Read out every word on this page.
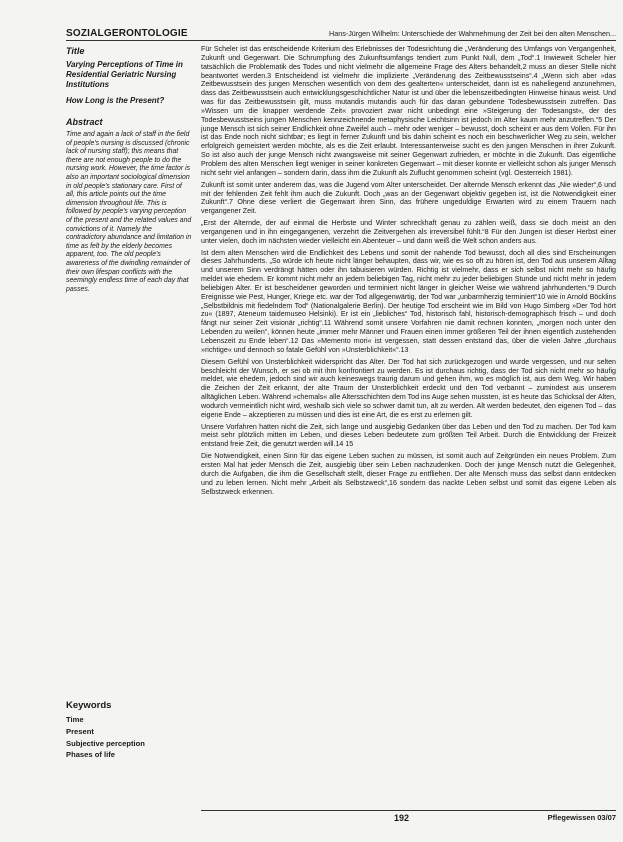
SOZIALGERONTOLOGIE	Hans-Jürgen Wilhelm: Unterschiede der Wahrnehmung der Zeit bei den alten Menschen...
Title
Varying Perceptions of Time in Residential Geriatric Nursing Institutions
How Long is the Present?
Abstract
Time and again a lack of staff in the field of people's nursing is discussed (chronic lack of nursing staff); this means that there are not enough people to do the nursing work. However, the time factor is also an important sociological dimension in old people's stationary care. First of all, this article points out the time dimension throughout life. This is followed by people's varying perception of the present and the related values and convictions of it. Namely the contradictory abundance and limitation in time as felt by the elderly becomes apparent, too. The old people's awareness of the dwindling remainder of their own lifespan conflicts with the seemingly endless time of each day that passes.
Keywords
Time
Present
Subjective perception
Phases of life

Für Scheler ist das entscheidende Kriterium des Erlebnisses der Todesrichtung die „Veränderung des Umfangs von Vergangenheit, Zukunft und Gegenwart. Die Schrumpfung des Zukunftsumfangs tendiert zum Punkt Null, dem „Tod“.1 Inwieweit Scheler hier tatsächlich die Problematik des Todes und nicht vielmehr die allgemeine Frage des Alters behandelt,2 muss an dieser Stelle nicht beantwortet werden.3 Entscheidend ist vielmehr die implizierte „Veränderung des Zeitbewusstseins“.4 „Wenn sich aber »das Zeitbewusstsein des jungen Menschen wesentlich von dem des gealterten« unterscheidet, dann ist es naheliegend anzunehmen, dass das Zeitbewusstsein auch entwicklungsgeschichtlicher Natur ist und über die lebenszeitbedingten Hinweise hinaus weist. Und was für das Zeitbewusstsein gilt, muss mutandis mutandis auch für das daran gebundene Todesbewusstsein zutreffen. Das »Wissen um die knapper werdende Zeit« provoziert zwar nicht unbedingt eine »Steigerung der Todesangst«, der des Todesbewusstseins jungen Menschen kennzeichnende metaphysische Leichtsinn ist jedoch im Alter kaum mehr anzutreffen.“5 Der junge Mensch ist sich seiner Endlichkeit ohne Zweifel auch – mehr oder weniger – bewusst, doch scheint er aus dem Vollen. Für ihn ist das Ende noch nicht sichtbar; es liegt in ferner Zukunft und bis dahin scheint es noch ein beschwerlicher Weg zu sein, welcher erfolgreich gemeistert werden möchte, als es die Zeit erlaubt. Interessanterweise sucht es den jungen Menschen in ihrer Zukunft. So ist also auch der junge Mensch nicht zwangsweise mit seiner Gegenwart zufrieden, er möchte in die Zukunft. Das eigentliche Problem des alten Menschen liegt weniger in seiner konkreten Gegenwart – mit dieser konnte er vielleicht schon als junger Mensch nicht sehr viel anfangen – sondern darin, dass ihm die Zukunft als Zuflucht genommen scheint (vgl. Oesterreich 1981).

Zukunft ist somit unter anderem das, was die Jugend vom Alter unterscheidet. Der alternde Mensch erkennt das „Nie wieder“,6 und mit der fehlenden Zeit fehlt ihm auch die Zukunft. Doch „was an der Gegenwart objektiv gegeben ist, ist die Notwendigkeit einer Zukunft“.7 Ohne diese verliert die Gegenwart ihren Sinn, das frühere ungeduldige Erwarten wird zu einem Trauern nach vergangener Zeit.

„Erst der Alternde, der auf einmal die Herbste und Winter schreckhaft genau zu zählen weiß, dass sie doch meist an den vergangenen und in ihn eingegangenen, verzehrt die Zeitvergehen als irreversibel fühlt.“8 Für den Jungen ist dieser Herbst einer unter vielen, doch im nächsten wieder vielleicht ein Abenteuer – und dann weiß die Welt schon anders aus.

Ist dem alten Menschen wird die Endlichkeit des Lebens und somit der nahende Tod bewusst, doch all dies sind Erscheinungen dieses Jahrhunderts. „So würde ich heute nicht länger behaupten, dass wir, wie es so oft zu hören ist, den Tod aus unserem Alltag und unserem Sinn verdrängt hätten oder ihn tabuisieren würden. Richtig ist vielmehr, dass er sich selbst nicht mehr so häufig meldet wie ehedem. Er kommt nicht mehr an jedem beliebigen Tag, nicht mehr zu jeder beliebigen Stunde und nicht mehr in jedem beliebigen Alter. Er ist bescheidener geworden und terminiert nicht länger in gleicher Weise wie während jahrhunderten.“9 Durch Ereignisse wie Pest, Hunger, Kriege etc. war der Tod allgegenwärtig, der Tod war „unbarmherzig terminiert“10 wie in Arnold Böcklins „Selbstbildnis mit fiedelndem Tod“ (Nationalgalerie Berlin). Der heutige Tod erscheint wie im Bild von Hugo Simberg »Der Tod hört zu« (1897, Ateneum taidemuseo Helsinki). Er ist ein „liebliches“ Tod, historisch fahl, historisch-demographisch frisch – und doch fängt nur seiner Zeit visionär „richtig“.11 Während somit unsere Vorfahren nie damit rechnen konnten, „morgen noch unter den Lebenden zu weilen“, können heute „immer mehr Männer und Frauen einen immer größeren Teil der ihnen eigentlich zustehenden Lebenszeit zu Ende leben“.12 Das »Memento mori« ist vergessen, statt dessen entstand das, über die vielen Jahre „durchaus »richtige« und dennoch so fatale Gefühl von »Unsterblichkeit«“.13

Diesem Gefühl von Unsterblichkeit widerspricht das Alter. Der Tod hat sich zurückgezogen und wurde vergessen, und nur selten beschleicht der Wunsch, er sei ob mit ihm konfrontiert zu werden. Es ist durchaus richtig, dass der Tod sich nicht mehr so häufig meldet, wie ehedem, jedoch sind wir auch keineswegs traurig darum und gehen ihm, wo es möglich ist, aus dem Weg. Wir haben die Zeichen der Zeit erkannt, der alte Traum der Unsterblichkeit erdeckt und den Tod verbannt – zumindest aus unserem alltäglichen Leben. Während »chemals« alle Altersschichten dem Tod ins Auge sehen mussten, ist es heute das Schicksal der Alten, wodurch vermeintlich nicht wird, weshalb sich viele so schwer damit tun, alt zu werden. Alt werden bedeutet, den eigenen Tod – das eigene Ende – akzeptieren zu müssen und dies ist eine Art, die es erst zu erlernen gilt.

Unsere Vorfahren hatten nicht die Zeit, sich lange und ausgiebig Gedanken über das Leben und den Tod zu machen. Der Tod kam meist sehr plötzlich mitten im Leben, und dieses Leben bedeutete zum größten Teil Arbeit. Durch die Entwicklung der Freizeit entstand freie Zeit, die genutzt werden will.14 15

Die Notwendigkeit, einen Sinn für das eigene Leben suchen zu müssen, ist somit auch auf Zeitgründen ein neues Problem. Zum ersten Mal hat jeder Mensch die Zeit, ausgiebig über sein Leben nachzudenken. Doch der junge Mensch nutzt die Gelegenheit, durch die Aufgaben, die ihm die Gesellschaft stellt, dieser Frage zu entfliehen. Der alte Mensch muss das selbst dann entdecken und zu leben lernen. Nicht mehr „Arbeit als Selbstzweck“,16 sondern das nackte Leben selbst und somit das eigene Leben als Selbstzweck erkennen.

192	Pflegewissen 03/07
